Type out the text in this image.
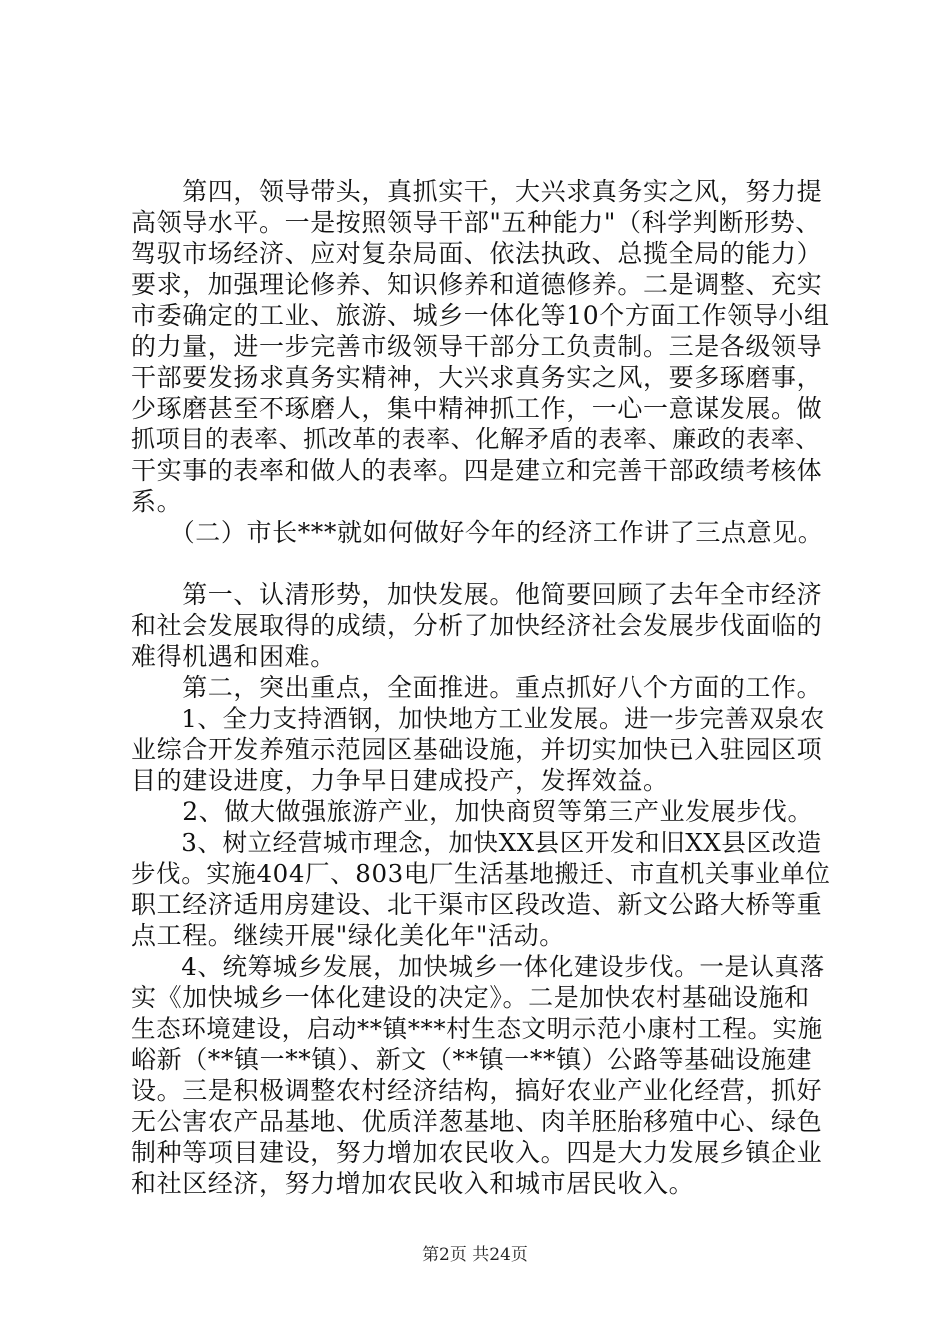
　　第四，领导带头，真抓实干，大兴求真务实之风，努力提
高领导水平。一是按照领导干部"五种能力"（科学判断形势、
驾驭市场经济、应对复杂局面、依法执政、总揽全局的能力）
要求，加强理论修养、知识修养和道德修养。二是调整、充实
市委确定的工业、旅游、城乡一体化等10个方面工作领导小组
的力量，进一步完善市级领导干部分工负责制。三是各级领导
干部要发扬求真务实精神，大兴求真务实之风，要多琢磨事，
少琢磨甚至不琢磨人，集中精神抓工作，一心一意谋发展。做
抓项目的表率、抓改革的表率、化解矛盾的表率、廉政的表率、
干实事的表率和做人的表率。四是建立和完善干部政绩考核体
系。
　　（二）市长***就如何做好今年的经济工作讲了三点意见。
　　第一、认清形势，加快发展。他简要回顾了去年全市经济
和社会发展取得的成绩，分析了加快经济社会发展步伐面临的
难得机遇和困难。
　　第二，突出重点，全面推进。重点抓好八个方面的工作。
　　1、全力支持酒钢，加快地方工业发展。进一步完善双泉农
业综合开发养殖示范园区基础设施，并切实加快已入驻园区项
目的建设进度，力争早日建成投产，发挥效益。
　　2、做大做强旅游产业，加快商贸等第三产业发展步伐。
　　3、树立经营城市理念，加快XX县区开发和旧XX县区改造
步伐。实施404厂、803电厂生活基地搬迁、市直机关事业单位
职工经济适用房建设、北干渠市区段改造、新文公路大桥等重
点工程。继续开展"绿化美化年"活动。
　　4、统筹城乡发展，加快城乡一体化建设步伐。一是认真落
实《加快城乡一体化建设的决定》。二是加快农村基础设施和
生态环境建设，启动**镇***村生态文明示范小康村工程。实施
峪新（**镇一**镇）、新文（**镇一**镇）公路等基础设施建
设。三是积极调整农村经济结构，搞好农业产业化经营，抓好
无公害农产品基地、优质洋葱基地、肉羊胚胎移殖中心、绿色
制种等项目建设，努力增加农民收入。四是大力发展乡镇企业
和社区经济，努力增加农民收入和城市居民收入。
第2页 共24页
